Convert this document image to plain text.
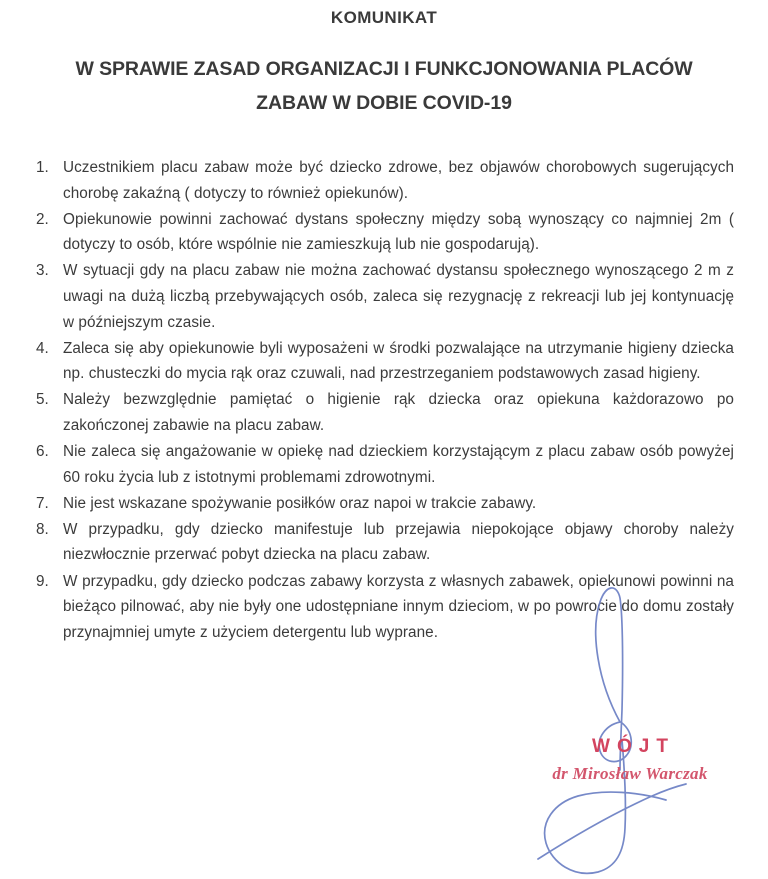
KOMUNIKAT
W SPRAWIE ZASAD ORGANIZACJI I FUNKCJONOWANIA PLACÓW ZABAW W DOBIE COVID-19
1. Uczestnikiem placu zabaw może być dziecko zdrowe, bez objawów chorobowych sugerujących chorobę zakaźną ( dotyczy to również opiekunów).
2. Opiekunowie powinni zachować dystans społeczny między sobą wynoszący co najmniej 2m ( dotyczy to osób, które wspólnie nie zamieszkują lub nie gospodarują).
3. W sytuacji gdy na placu zabaw nie można zachować dystansu społecznego wynoszącego 2 m z uwagi na dużą liczbą przebywających osób, zaleca się rezygnację z rekreacji lub jej kontynuację w późniejszym czasie.
4. Zaleca się aby opiekunowie byli wyposażeni w środki pozwalające na utrzymanie higieny dziecka np. chusteczki do mycia rąk oraz czuwali, nad przestrzeganiem podstawowych zasad higieny.
5. Należy bezwzględnie pamiętać o higienie rąk dziecka oraz opiekuna każdorazowo po zakończonej zabawie na placu zabaw.
6. Nie zaleca się angażowanie w opiekę nad dzieckiem korzystającym z placu zabaw osób powyżej 60 roku życia lub z istotnymi problemami zdrowotnymi.
7. Nie jest wskazane spożywanie posiłków oraz napoi w trakcie zabawy.
8. W przypadku, gdy dziecko manifestuje lub przejawia niepokojące objawy choroby należy niezwłocznie przerwać pobyt dziecka na placu zabaw.
9. W przypadku, gdy dziecko podczas zabawy korzysta z własnych zabawek, opiekunowi powinni na bieżąco pilnować, aby nie były one udostępniane innym dzieciom, w po powrocie do domu zostały przynajmniej umyte z użyciem detergentu lub wyprane.
WÓJT
dr Mirosław Warczak
